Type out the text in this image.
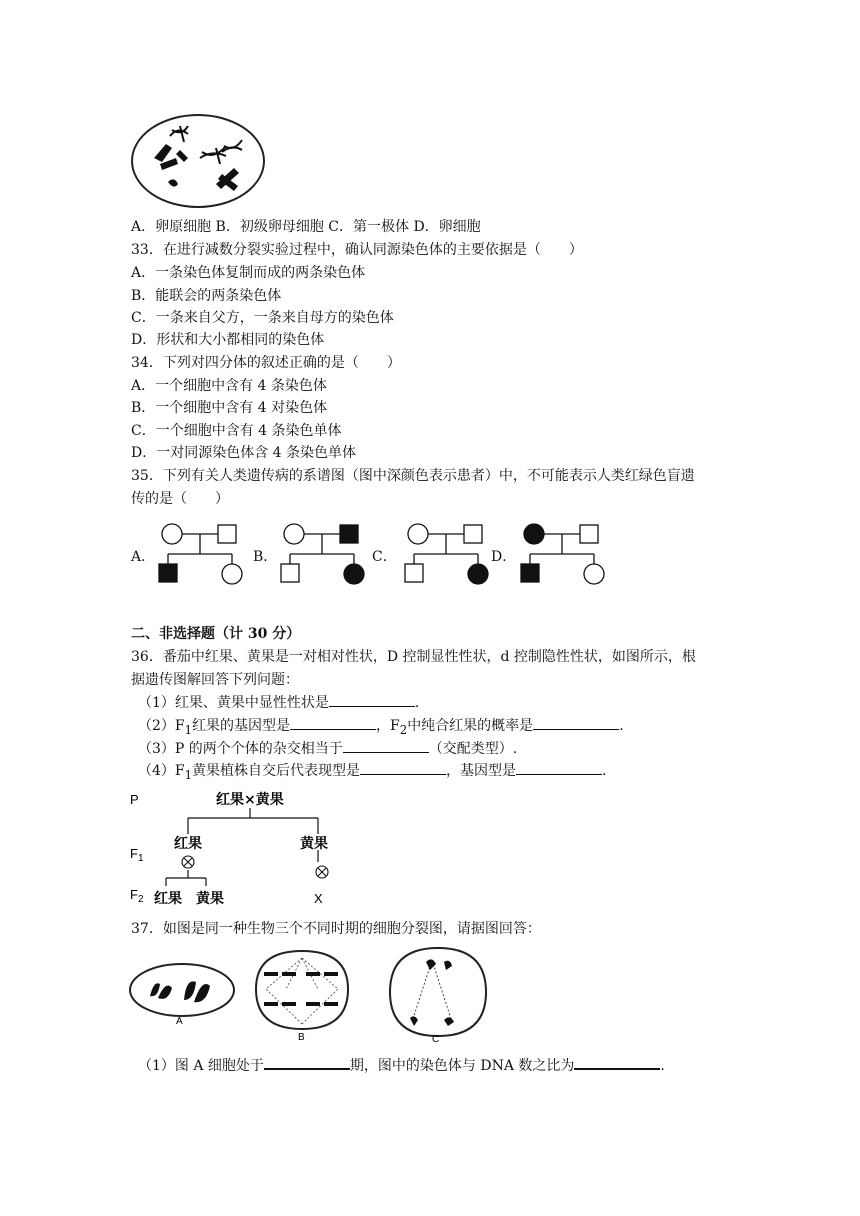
A．卵原细胞 B．初级卵母细胞 C．第一极体 D．卵细胞
33．在进行减数分裂实验过程中，确认同源染色体的主要依据是（　　）
A．一条染色体复制而成的两条染色体
B．能联会的两条染色体
C．一条来自父方，一条来自母方的染色体
D．形状和大小都相同的染色体
34．下列对四分体的叙述正确的是（　　）
A．一个细胞中含有 4 条染色体
B．一个细胞中含有 4 对染色体
C．一个细胞中含有 4 条染色单体
D．一对同源染色体含 4 条染色单体
35．下列有关人类遗传病的系谱图（图中深颜色表示患者）中，不可能表示人类红绿色盲遗
传的是（　　）
A．	B．	C．	D．
二、非选择题（计 30 分）
36．番茄中红果、黄果是一对相对性状，D 控制显性性状，d 控制隐性性状，如图所示，根
据遗传图解回答下列问题：
（1）红果、黄果中显性性状是	.
$(2)F_1$红果的基因型是	，$F_2$中纯合红果的概率是	.
（3）P 的两个个体的杂交相当于	（交配类型）.
$(4)F_1$黄果植株自交后代表现型是	，基因型是	.
P
$F_1$
$F_2$
红果×黄果
红果	黄果
红果 黄果	X
37．如图是同一种生物三个不同时期的细胞分裂图，请据图回答：
A
B	C
（1）图 A 细胞处于	期，图中的染色体与 DNA 数之比为	.
